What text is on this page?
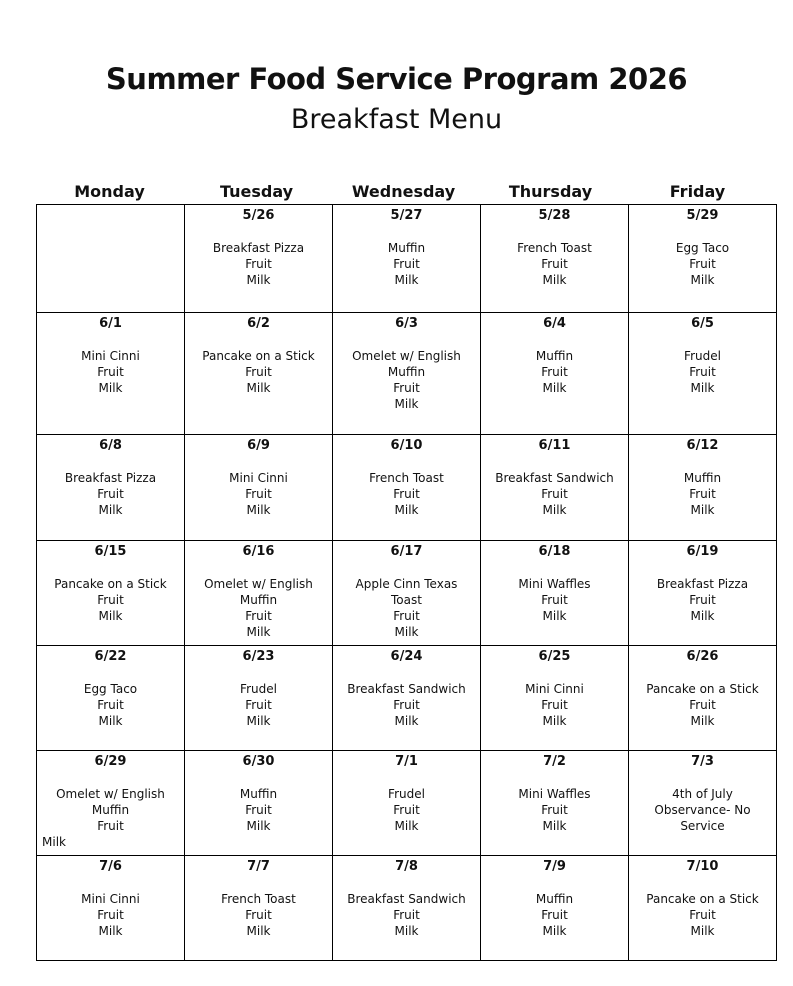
Summer Food Service Program 2026
Breakfast Menu
Monday	Tuesday	Wednesday	Thursday	Friday

	5/26
Breakfast Pizza
Fruit
Milk	5/27
Muffin
Fruit
Milk	5/28
French Toast
Fruit
Milk	5/29
Egg Taco
Fruit
Milk

6/1
Mini Cinni
Fruit
Milk	6/2
Pancake on a Stick
Fruit
Milk	6/3
Omelet w/ English
Muffin
Fruit
Milk	6/4
Muffin
Fruit
Milk	6/5
Frudel
Fruit
Milk

6/8
Breakfast Pizza
Fruit
Milk	6/9
Mini Cinni
Fruit
Milk	6/10
French Toast
Fruit
Milk	6/11
Breakfast Sandwich
Fruit
Milk	6/12
Muffin
Fruit
Milk

6/15
Pancake on a Stick
Fruit
Milk	6/16
Omelet w/ English
Muffin
Fruit
Milk	6/17
Apple Cinn Texas
Toast
Fruit
Milk	6/18
Mini Waffles
Fruit
Milk	6/19
Breakfast Pizza
Fruit
Milk

6/22
Egg Taco
Fruit
Milk	6/23
Frudel
Fruit
Milk	6/24
Breakfast Sandwich
Fruit
Milk	6/25
Mini Cinni
Fruit
Milk	6/26
Pancake on a Stick
Fruit
Milk

6/29
Omelet w/ English
Muffin
Fruit
Milk	6/30
Muffin
Fruit
Milk	7/1
Frudel
Fruit
Milk	7/2
Mini Waffles
Fruit
Milk	7/3
4th of July
Observance- No
Service

7/6
Mini Cinni
Fruit
Milk	7/7
French Toast
Fruit
Milk	7/8
Breakfast Sandwich
Fruit
Milk	7/9
Muffin
Fruit
Milk	7/10
Pancake on a Stick
Fruit
Milk
